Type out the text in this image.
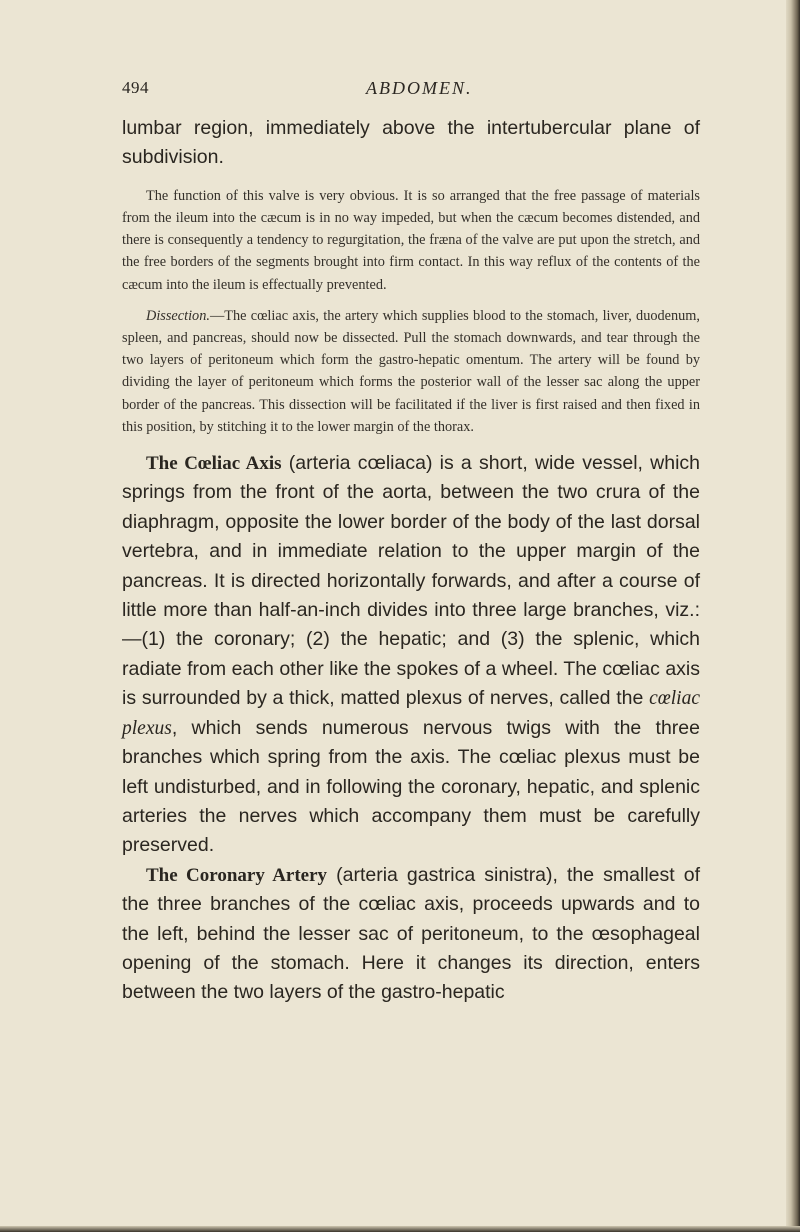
494	ABDOMEN.

lumbar region, immediately above the intertubercular plane of subdivision.

The function of this valve is very obvious. It is so arranged that the free passage of materials from the ileum into the cæcum is in no way impeded, but when the cæcum becomes distended, and there is consequently a tendency to regurgitation, the fræna of the valve are put upon the stretch, and the free borders of the segments brought into firm contact. In this way reflux of the contents of the cæcum into the ileum is effectually prevented.

Dissection.—The cœliac axis, the artery which supplies blood to the stomach, liver, duodenum, spleen, and pancreas, should now be dissected. Pull the stomach downwards, and tear through the two layers of peritoneum which form the gastro-hepatic omentum. The artery will be found by dividing the layer of peritoneum which forms the posterior wall of the lesser sac along the upper border of the pancreas. This dissection will be facilitated if the liver is first raised and then fixed in this position, by stitching it to the lower margin of the thorax.

The Cœliac Axis (arteria cœliaca) is a short, wide vessel, which springs from the front of the aorta, between the two crura of the diaphragm, opposite the lower border of the body of the last dorsal vertebra, and in immediate relation to the upper margin of the pancreas. It is directed horizontally forwards, and after a course of little more than half-an-inch divides into three large branches, viz.:—(1) the coronary; (2) the hepatic; and (3) the splenic, which radiate from each other like the spokes of a wheel. The cœliac axis is surrounded by a thick, matted plexus of nerves, called the cœliac plexus, which sends numerous nervous twigs with the three branches which spring from the axis. The cœliac plexus must be left undisturbed, and in following the coronary, hepatic, and splenic arteries the nerves which accompany them must be carefully preserved.

The Coronary Artery (arteria gastrica sinistra), the smallest of the three branches of the cœliac axis, proceeds upwards and to the left, behind the lesser sac of peritoneum, to the œsophageal opening of the stomach. Here it changes its direction, enters between the two layers of the gastro-hepatic
